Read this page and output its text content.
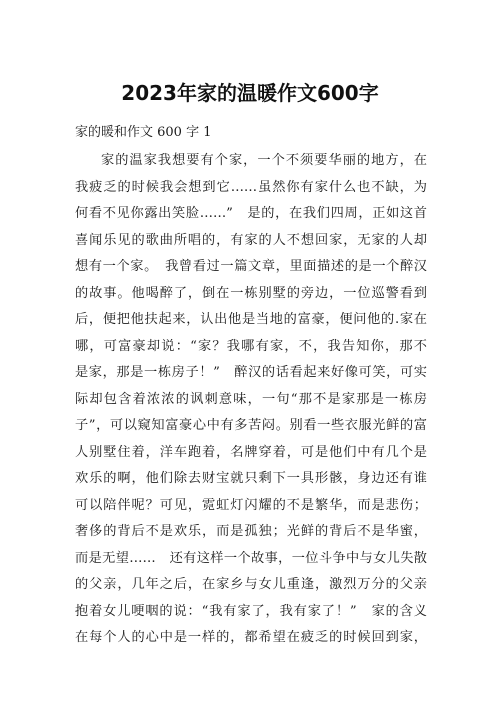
2023年家的温暖作文600字

家的暖和作文 600 字 1

家的温家我想要有个家，一个不须要华丽的地方，在
我疲乏的时候我会想到它……虽然你有家什么也不缺，为
何看不见你露出笑脸……”　是的，在我们四周，正如这首
喜闻乐见的歌曲所唱的，有家的人不想回家，无家的人却
想有一个家。　我曾看过一篇文章，里面描述的是一个醉汉
的故事。他喝醉了，倒在一栋别墅的旁边，一位巡警看到
后，便把他扶起来，认出他是当地的富豪，便问他的.家在
哪，可富豪却说：“家？我哪有家，不，我告知你，那不
是家，那是一栋房子！”　醉汉的话看起来好像可笑，可实
际却包含着浓浓的讽刺意味，一句“那不是家那是一栋房
子”，可以窥知富豪心中有多苦闷。别看一些衣服光鲜的富
人别墅住着，洋车跑着，名牌穿着，可是他们中有几个是
欢乐的啊，他们除去财宝就只剩下一具形骸，身边还有谁
可以陪伴呢？可见，霓虹灯闪耀的不是繁华，而是悲伤；
奢侈的背后不是欢乐，而是孤独；光鲜的背后不是华蜜，
而是无望……　还有这样一个故事，一位斗争中与女儿失散
的父亲，几年之后，在家乡与女儿重逢，激烈万分的父亲
抱着女儿哽咽的说：“我有家了，我有家了！”　家的含义
在每个人的心中是一样的，都希望在疲乏的时候回到家，
